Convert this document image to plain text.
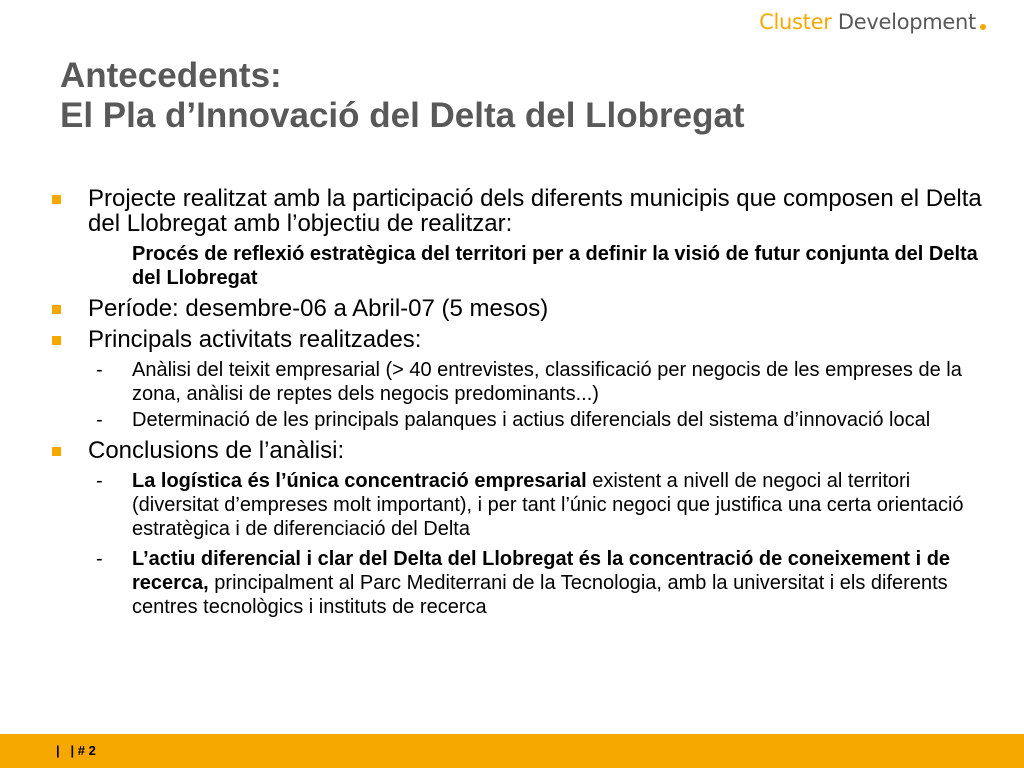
Cluster Development
Antecedents:
El Pla d’Innovació del Delta del Llobregat
Projecte realitzat amb la participació dels diferents municipis que composen el Delta del Llobregat amb l’objectiu de realitzar:
Procés de reflexió estratègica del territori per a definir la visió de futur conjunta del Delta del Llobregat
Període: desembre-06 a Abril-07 (5 mesos)
Principals activitats realitzades:
- Anàlisi del teixit empresarial (> 40 entrevistes, classificació per negocis de les empreses de la zona, anàlisi de reptes dels negocis predominants...)
- Determinació de les principals palanques i actius diferencials del sistema d’innovació local
Conclusions de l’anàlisi:
- La logística és l’única concentració empresarial existent a nivell de negoci al territori (diversitat d’empreses molt important), i per tant l’únic negoci que justifica una certa orientació estratègica i de diferenciació del Delta
- L’actiu diferencial i clar del Delta del Llobregat és la concentració de coneixement i de recerca, principalment al Parc Mediterrani de la Tecnologia, amb la universitat i els diferents centres tecnològics i instituts de recerca
|   | # 2
